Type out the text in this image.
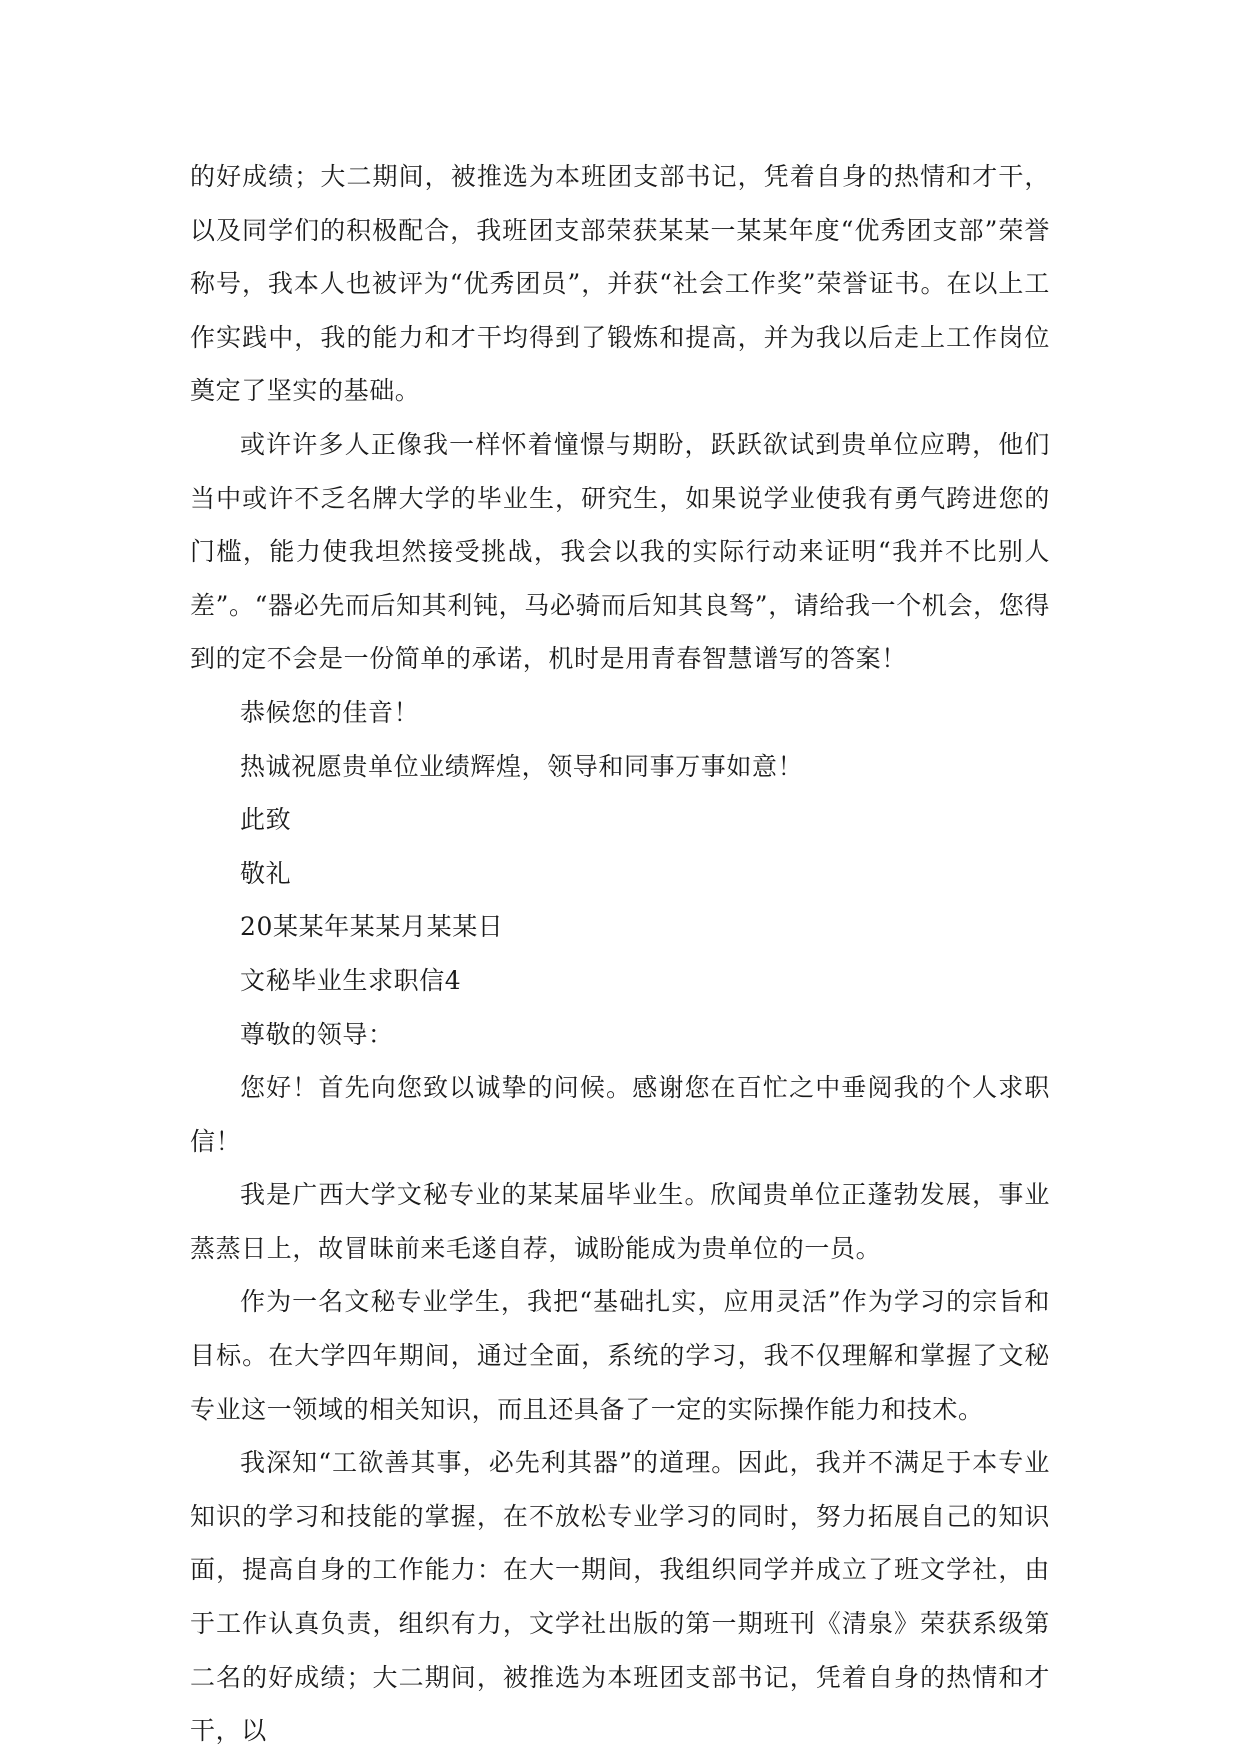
的好成绩；大二期间，被推选为本班团支部书记，凭着自身的热情和才干，以及同学们的积极配合，我班团支部荣获某某一某某年度“优秀团支部”荣誉称号，我本人也被评为“优秀团员”，并获“社会工作奖”荣誉证书。在以上工作实践中，我的能力和才干均得到了锻炼和提高，并为我以后走上工作岗位奠定了坚实的基础。

或许许多人正像我一样怀着憧憬与期盼，跃跃欲试到贵单位应聘，他们当中或许不乏名牌大学的毕业生，研究生，如果说学业使我有勇气跨进您的门槛，能力使我坦然接受挑战，我会以我的实际行动来证明“我并不比别人差”。“器必先而后知其利钝，马必骑而后知其良驽”，请给我一个机会，您得到的定不会是一份简单的承诺，机时是用青春智慧谱写的答案！

恭候您的佳音！

热诚祝愿贵单位业绩辉煌，领导和同事万事如意！

此致

敬礼

20某某年某某月某某日

文秘毕业生求职信4

尊敬的领导：

您好！首先向您致以诚挚的问候。感谢您在百忙之中垂阅我的个人求职信！

我是广西大学文秘专业的某某届毕业生。欣闻贵单位正蓬勃发展，事业蒸蒸日上，故冒昧前来毛遂自荐，诚盼能成为贵单位的一员。

作为一名文秘专业学生，我把“基础扎实，应用灵活”作为学习的宗旨和目标。在大学四年期间，通过全面，系统的学习，我不仅理解和掌握了文秘专业这一领域的相关知识，而且还具备了一定的实际操作能力和技术。

我深知“工欲善其事，必先利其器”的道理。因此，我并不满足于本专业知识的学习和技能的掌握，在不放松专业学习的同时，努力拓展自己的知识面，提高自身的工作能力：在大一期间，我组织同学并成立了班文学社，由于工作认真负责，组织有力，文学社出版的第一期班刊《清泉》荣获系级第二名的好成绩；大二期间，被推选为本班团支部书记，凭着自身的热情和才干，以
